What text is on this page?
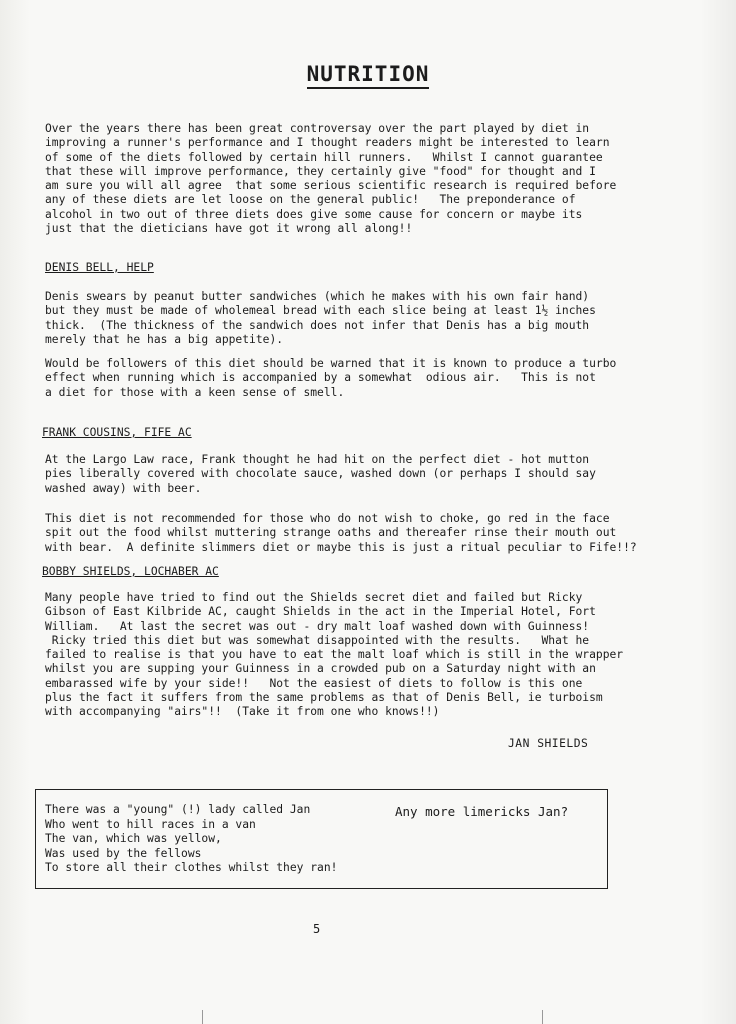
NUTRITION
Over the years there has been great controversay over the part played by diet in
improving a runner's performance and I thought readers might be interested to learn
of some of the diets followed by certain hill runners.   Whilst I cannot guarantee
that these will improve performance, they certainly give "food" for thought and I
am sure you will all agree  that some serious scientific research is required before
any of these diets are let loose on the general public!   The preponderance of
alcohol in two out of three diets does give some cause for concern or maybe its
just that the dieticians have got it wrong all along!!
DENIS BELL, HELP
Denis swears by peanut butter sandwiches (which he makes with his own fair hand)
but they must be made of wholemeal bread with each slice being at least 1½ inches
thick.  (The thickness of the sandwich does not infer that Denis has a big mouth
merely that he has a big appetite).
Would be followers of this diet should be warned that it is known to produce a turbo
effect when running which is accompanied by a somewhat  odious air.   This is not
a diet for those with a keen sense of smell.
FRANK COUSINS, FIFE AC
At the Largo Law race, Frank thought he had hit on the perfect diet - hot mutton
pies liberally covered with chocolate sauce, washed down (or perhaps I should say
washed away) with beer.
This diet is not recommended for those who do not wish to choke, go red in the face
spit out the food whilst muttering strange oaths and thereafer rinse their mouth out
with bear.  A definite slimmers diet or maybe this is just a ritual peculiar to Fife!!?
BOBBY SHIELDS, LOCHABER AC
Many people have tried to find out the Shields secret diet and failed but Ricky
Gibson of East Kilbride AC, caught Shields in the act in the Imperial Hotel, Fort
William.   At last the secret was out - dry malt loaf washed down with Guinness!
Ricky tried this diet but was somewhat disappointed with the results.   What he
failed to realise is that you have to eat the malt loaf which is still in the wrapper
whilst you are supping your Guinness in a crowded pub on a Saturday night with an
embarassed wife by your side!!   Not the easiest of diets to follow is this one
plus the fact it suffers from the same problems as that of Denis Bell, ie turboism
with accompanying "airs"!!  (Take it from one who knows!!)
JAN SHIELDS
There was a "young" (!) lady called Jan
Who went to hill races in a van
The van, which was yellow,
Was used by the fellows
To store all their clothes whilst they ran!
Any more limericks Jan?
5
